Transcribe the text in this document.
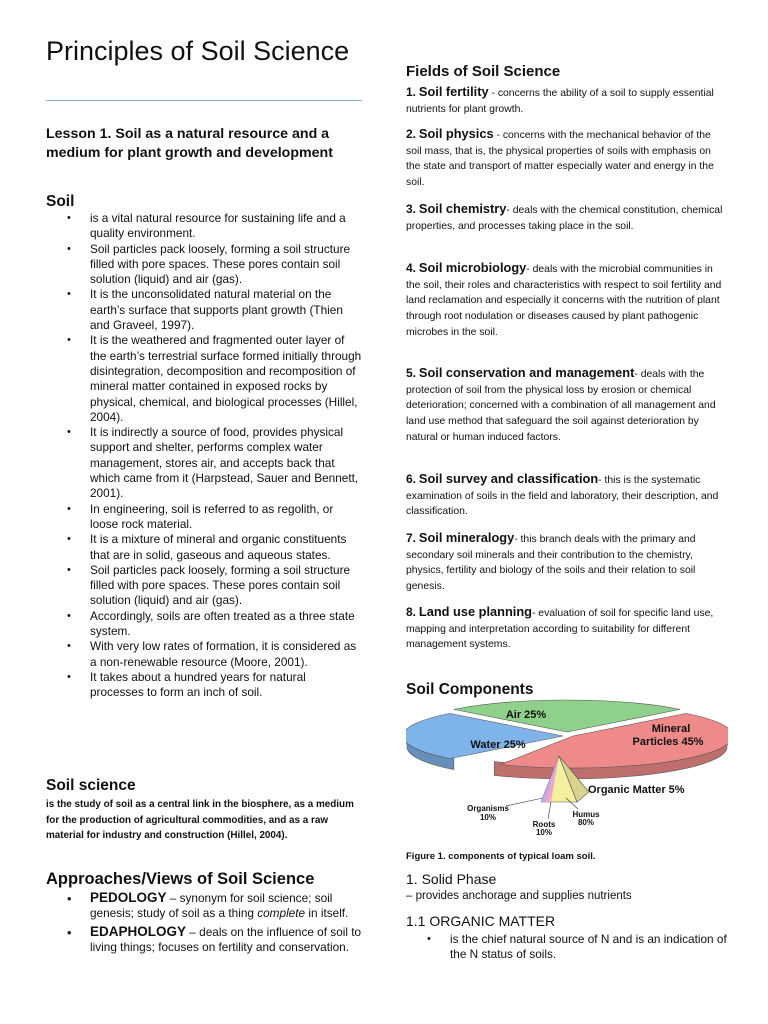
Principles of Soil Science

Lesson 1. Soil as a natural resource and a medium for plant growth and development

Soil

• is a vital natural resource for sustaining life and a quality environment.
• Soil particles pack loosely, forming a soil structure filled with pore spaces. These pores contain soil solution (liquid) and air (gas).
• It is the unconsolidated natural material on the earth’s surface that supports plant growth (Thien and Graveel, 1997).
• It is the weathered and fragmented outer layer of the earth’s terrestrial surface formed initially through disintegration, decomposition and recomposition of mineral matter contained in exposed rocks by physical, chemical, and biological processes (Hillel, 2004).
• It is indirectly a source of food, provides physical support and shelter, performs complex water management, stores air, and accepts back that which came from it (Harpstead, Sauer and Bennett, 2001).
• In engineering, soil is referred to as regolith, or loose rock material.
• It is a mixture of mineral and organic constituents that are in solid, gaseous and aqueous states.
• Soil particles pack loosely, forming a soil structure filled with pore spaces. These pores contain soil solution (liquid) and air (gas).
• Accordingly, soils are often treated as a three state system.
• With very low rates of formation, it is considered as a non-renewable resource (Moore, 2001).
• It takes about a hundred years for natural processes to form an inch of soil.

Soil science

is the study of soil as a central link in the biosphere, as a medium for the production of agricultural commodities, and as a raw material for industry and construction (Hillel, 2004).

Approaches/Views of Soil Science

• PEDOLOGY – synonym for soil science; soil genesis; study of soil as a thing complete in itself.
• EDAPHOLOGY – deals on the influence of soil to living things; focuses on fertility and conservation.

Fields of Soil Science

1. Soil fertility - concerns the ability of a soil to supply essential nutrients for plant growth.

2. Soil physics - concerns with the mechanical behavior of the soil mass, that is, the physical properties of soils with emphasis on the state and transport of matter especially water and energy in the soil.

3. Soil chemistry- deals with the chemical constitution, chemical properties, and processes taking place in the soil.

4. Soil microbiology- deals with the microbial communities in the soil, their roles and characteristics with respect to soil fertility and land reclamation and especially it concerns with the nutrition of plant through root nodulation or diseases caused by plant pathogenic microbes in the soil.

5. Soil conservation and management- deals with the protection of soil from the physical loss by erosion or chemical deterioration; concerned with a combination of all management and land use method that safeguard the soil against deterioration by natural or human induced factors.

6. Soil survey and classification- this is the systematic examination of soils in the field and laboratory, their description, and classification.

7. Soil mineralogy- this branch deals with the primary and secondary soil minerals and their contribution to the chemistry, physics, fertility and biology of the soils and their relation to soil genesis.

8. Land use planning- evaluation of soil for specific land use, mapping and interpretation according to suitability for different management systems.

Soil Components

Air 25%
Mineral
Particles 45%
Water 25%
Organic Matter 5%
Organisms
10%
Roots
10%
Humus
80%

Figure 1. components of typical loam soil.

1. Solid Phase

– provides anchorage and supplies nutrients

1.1 ORGANIC MATTER

• is the chief natural source of N and is an indication of the N status of soils.
